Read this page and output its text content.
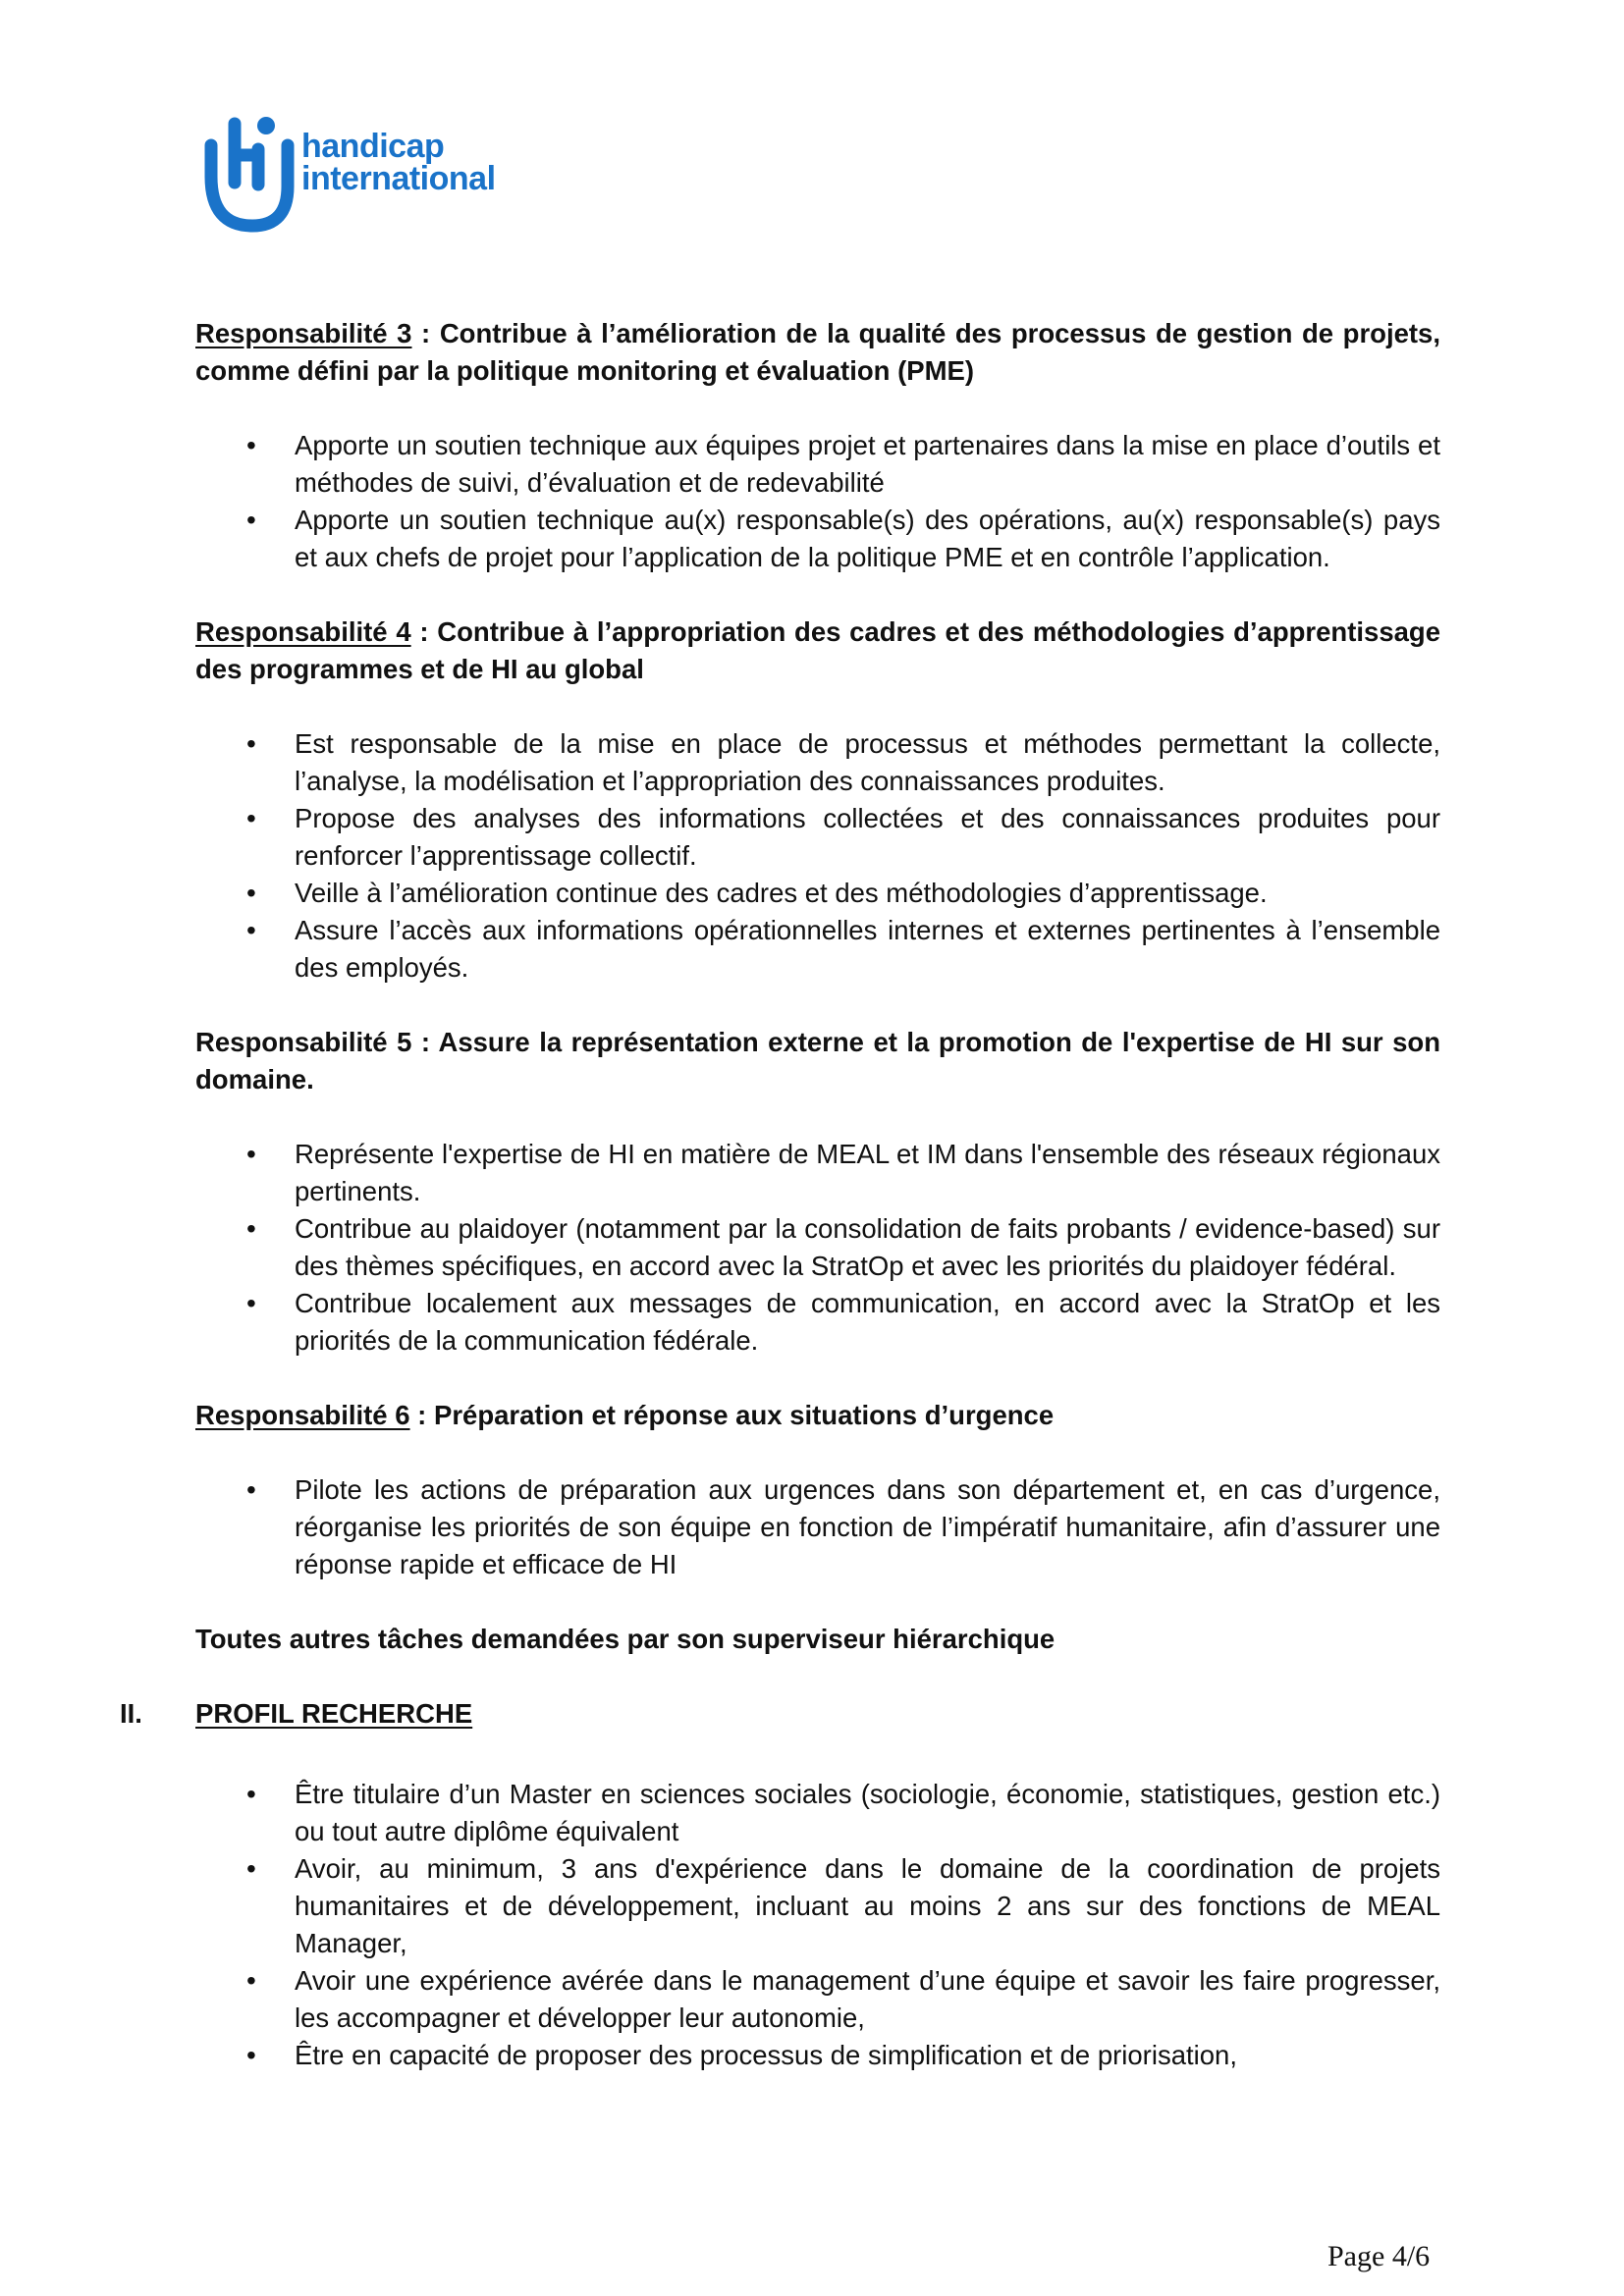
handicap
international

Responsabilité 3 : Contribue à l’amélioration de la qualité des processus de gestion de projets, comme défini par la politique monitoring et évaluation (PME)

• Apporte un soutien technique aux équipes projet et partenaires dans la mise en place d’outils et méthodes de suivi, d’évaluation et de redevabilité
• Apporte un soutien technique au(x) responsable(s) des opérations, au(x) responsable(s) pays et aux chefs de projet pour l’application de la politique PME et en contrôle l’application.

Responsabilité 4 : Contribue à l’appropriation des cadres et des méthodologies d’apprentissage des programmes et de HI au global

• Est responsable de la mise en place de processus et méthodes permettant la collecte, l’analyse, la modélisation et l’appropriation des connaissances produites.
• Propose des analyses des informations collectées et des connaissances produites pour renforcer l’apprentissage collectif.
• Veille à l’amélioration continue des cadres et des méthodologies d’apprentissage.
• Assure l’accès aux informations opérationnelles internes et externes pertinentes à l’ensemble des employés.

Responsabilité 5 : Assure la représentation externe et la promotion de l'expertise de HI sur son domaine.

• Représente l'expertise de HI en matière de MEAL et IM dans l'ensemble des réseaux régionaux pertinents.
• Contribue au plaidoyer (notamment par la consolidation de faits probants / evidence-based) sur des thèmes spécifiques, en accord avec la StratOp et avec les priorités du plaidoyer fédéral.
• Contribue localement aux messages de communication, en accord avec la StratOp et les priorités de la communication fédérale.

Responsabilité 6 : Préparation et réponse aux situations d’urgence

• Pilote les actions de préparation aux urgences dans son département et, en cas d’urgence, réorganise les priorités de son équipe en fonction de l’impératif humanitaire, afin d’assurer une réponse rapide et efficace de HI

Toutes autres tâches demandées par son superviseur hiérarchique

II. PROFIL RECHERCHE

• Être titulaire d’un Master en sciences sociales (sociologie, économie, statistiques, gestion etc.) ou tout autre diplôme équivalent
• Avoir, au minimum, 3 ans d'expérience dans le domaine de la coordination de projets humanitaires et de développement, incluant au moins 2 ans sur des fonctions de MEAL Manager,
• Avoir une expérience avérée dans le management d’une équipe et savoir les faire progresser, les accompagner et développer leur autonomie,
• Être en capacité de proposer des processus de simplification et de priorisation,
Page 4/6
